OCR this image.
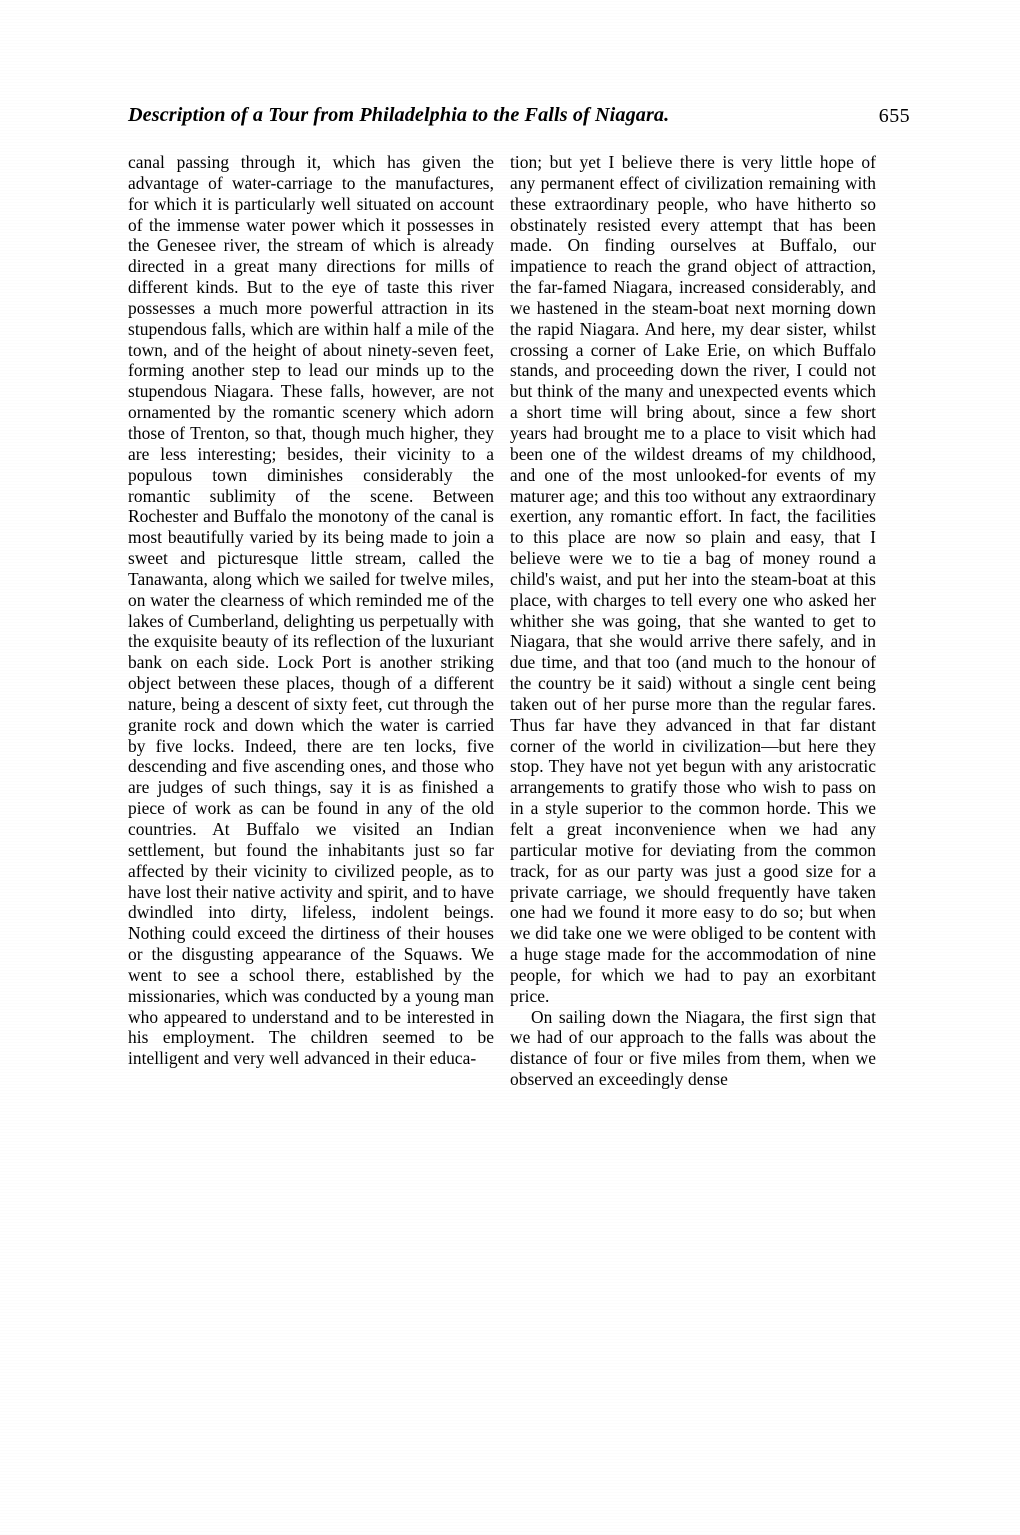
Description of a Tour from Philadelphia to the Falls of Niagara.	655

canal passing through it, which has given the advantage of water-carriage to the manufactures, for which it is particularly well situated on account of the immense water power which it possesses in the Genesee river, the stream of which is already directed in a great many directions for mills of different kinds. But to the eye of taste this river possesses a much more powerful attraction in its stupendous falls, which are within half a mile of the town, and of the height of about ninety-seven feet, forming another step to lead our minds up to the stupendous Niagara. These falls, however, are not ornamented by the romantic scenery which adorn those of Trenton, so that, though much higher, they are less interesting; besides, their vicinity to a populous town diminishes considerably the romantic sublimity of the scene. Between Rochester and Buffalo the monotony of the canal is most beautifully varied by its being made to join a sweet and picturesque little stream, called the Tanawanta, along which we sailed for twelve miles, on water the clearness of which reminded me of the lakes of Cumberland, delighting us perpetually with the exquisite beauty of its reflection of the luxuriant bank on each side. Lock Port is another striking object between these places, though of a different nature, being a descent of sixty feet, cut through the granite rock and down which the water is carried by five locks. Indeed, there are ten locks, five descending and five ascending ones, and those who are judges of such things, say it is as finished a piece of work as can be found in any of the old countries. At Buffalo we visited an Indian settlement, but found the inhabitants just so far affected by their vicinity to civilized people, as to have lost their native activity and spirit, and to have dwindled into dirty, lifeless, indolent beings. Nothing could exceed the dirtiness of their houses or the disgusting appearance of the Squaws. We went to see a school there, established by the missionaries, which was conducted by a young man who appeared to understand and to be interested in his employment. The children seemed to be intelligent and very well advanced in their educa-

tion; but yet I believe there is very little hope of any permanent effect of civilization remaining with these extraordinary people, who have hitherto so obstinately resisted every attempt that has been made. On finding ourselves at Buffalo, our impatience to reach the grand object of attraction, the far-famed Niagara, increased considerably, and we hastened in the steam-boat next morning down the rapid Niagara. And here, my dear sister, whilst crossing a corner of Lake Erie, on which Buffalo stands, and proceeding down the river, I could not but think of the many and unexpected events which a short time will bring about, since a few short years had brought me to a place to visit which had been one of the wildest dreams of my childhood, and one of the most unlooked-for events of my maturer age; and this too without any extraordinary exertion, any romantic effort. In fact, the facilities to this place are now so plain and easy, that I believe were we to tie a bag of money round a child's waist, and put her into the steam-boat at this place, with charges to tell every one who asked her whither she was going, that she wanted to get to Niagara, that she would arrive there safely, and in due time, and that too (and much to the honour of the country be it said) without a single cent being taken out of her purse more than the regular fares. Thus far have they advanced in that far distant corner of the world in civilization—but here they stop. They have not yet begun with any aristocratic arrangements to gratify those who wish to pass on in a style superior to the common horde. This we felt a great inconvenience when we had any particular motive for deviating from the common track, for as our party was just a good size for a private carriage, we should frequently have taken one had we found it more easy to do so; but when we did take one we were obliged to be content with a huge stage made for the accommodation of nine people, for which we had to pay an exorbitant price.

On sailing down the Niagara, the first sign that we had of our approach to the falls was about the distance of four or five miles from them, when we observed an exceedingly dense
